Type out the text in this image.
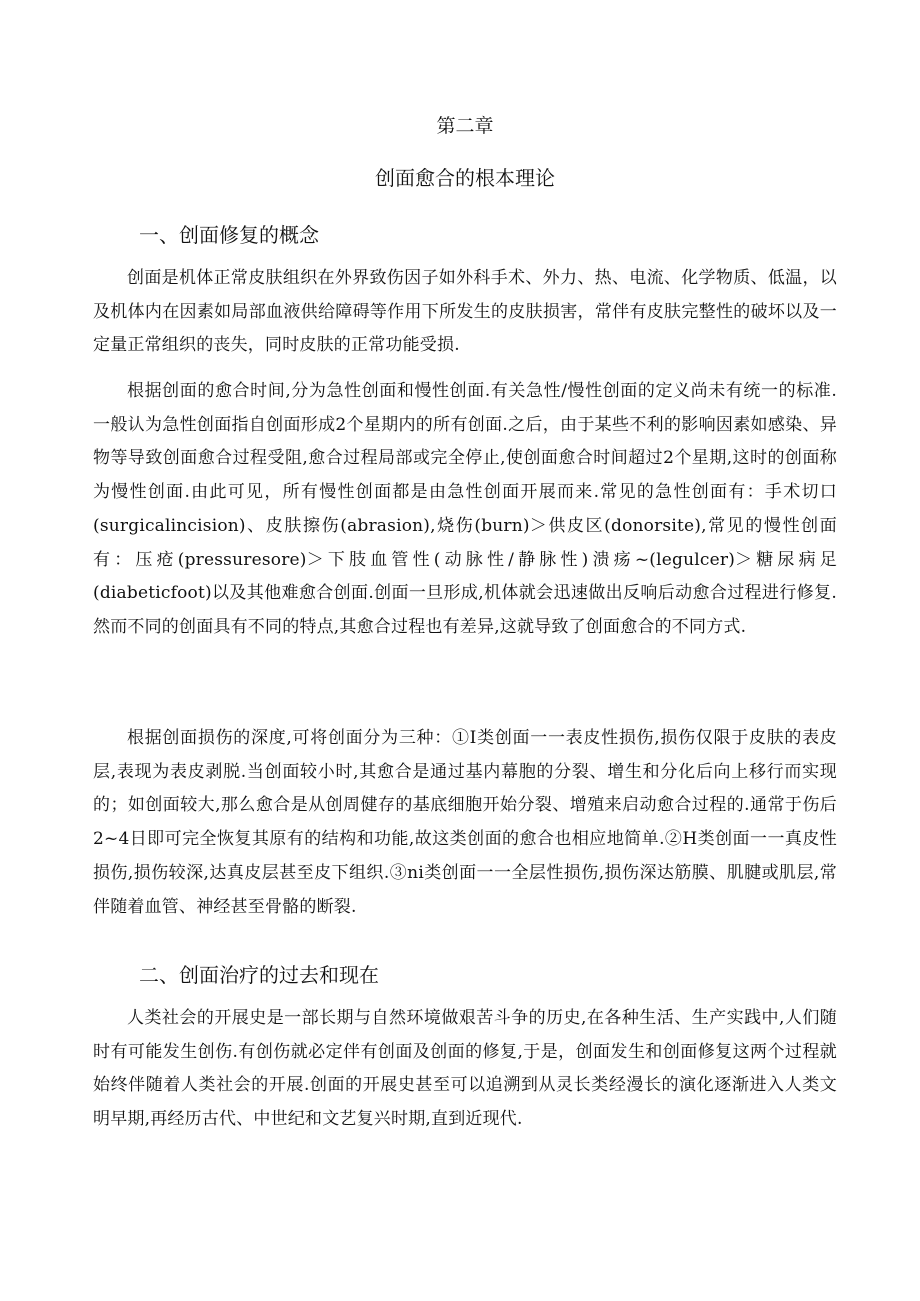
第二章
创面愈合的根本理论
一、创面修复的概念

创面是机体正常皮肤组织在外界致伤因子如外科手术、外力、热、电流、化学物质、低温，以及机体内在因素如局部血液供给障碍等作用下所发生的皮肤损害，常伴有皮肤完整性的破坏以及一定量正常组织的丧失，同时皮肤的正常功能受损.

根据创面的愈合时间,分为急性创面和慢性创面.有关急性/慢性创面的定义尚未有统一的标准.一般认为急性创面指自创面形成2个星期内的所有创面.之后，由于某些不利的影响因素如感染、异物等导致创面愈合过程受阻,愈合过程局部或完全停止,使创面愈合时间超过2个星期,这时的创面称为慢性创面.由此可见，所有慢性创面都是由急性创面开展而来.常见的急性创面有：手术切口(surgicalincision)、皮肤擦伤(abrasion),烧伤(burn)＞供皮区(donorsite),常见的慢性创面有：压疮(pressuresore)＞下肢血管性(动脉性/静脉性)溃疡~(legulcer)＞糖尿病足(diabeticfoot)以及其他难愈合创面.创面一旦形成,机体就会迅速做出反响后动愈合过程进行修复.然而不同的创面具有不同的特点,其愈合过程也有差异,这就导致了创面愈合的不同方式.

根据创面损伤的深度,可将创面分为三种：①I类创面一一表皮性损伤,损伤仅限于皮肤的表皮层,表现为表皮剥脱.当创面较小时,其愈合是通过基内幕胞的分裂、增生和分化后向上移行而实现的；如创面较大,那么愈合是从创周健存的基底细胞开始分裂、增殖来启动愈合过程的.通常于伤后2~4日即可完全恢复其原有的结构和功能,故这类创面的愈合也相应地简单.②H类创面一一真皮性损伤,损伤较深,达真皮层甚至皮下组织.③ni类创面一一全层性损伤,损伤深达筋膜、肌腱或肌层,常伴随着血管、神经甚至骨骼的断裂.

二、创面治疗的过去和现在

人类社会的开展史是一部长期与自然环境做艰苦斗争的历史,在各种生活、生产实践中,人们随时有可能发生创伤.有创伤就必定伴有创面及创面的修复,于是，创面发生和创面修复这两个过程就始终伴随着人类社会的开展.创面的开展史甚至可以追溯到从灵长类经漫长的演化逐渐进入人类文明早期,再经历古代、中世纪和文艺复兴时期,直到近现代.
